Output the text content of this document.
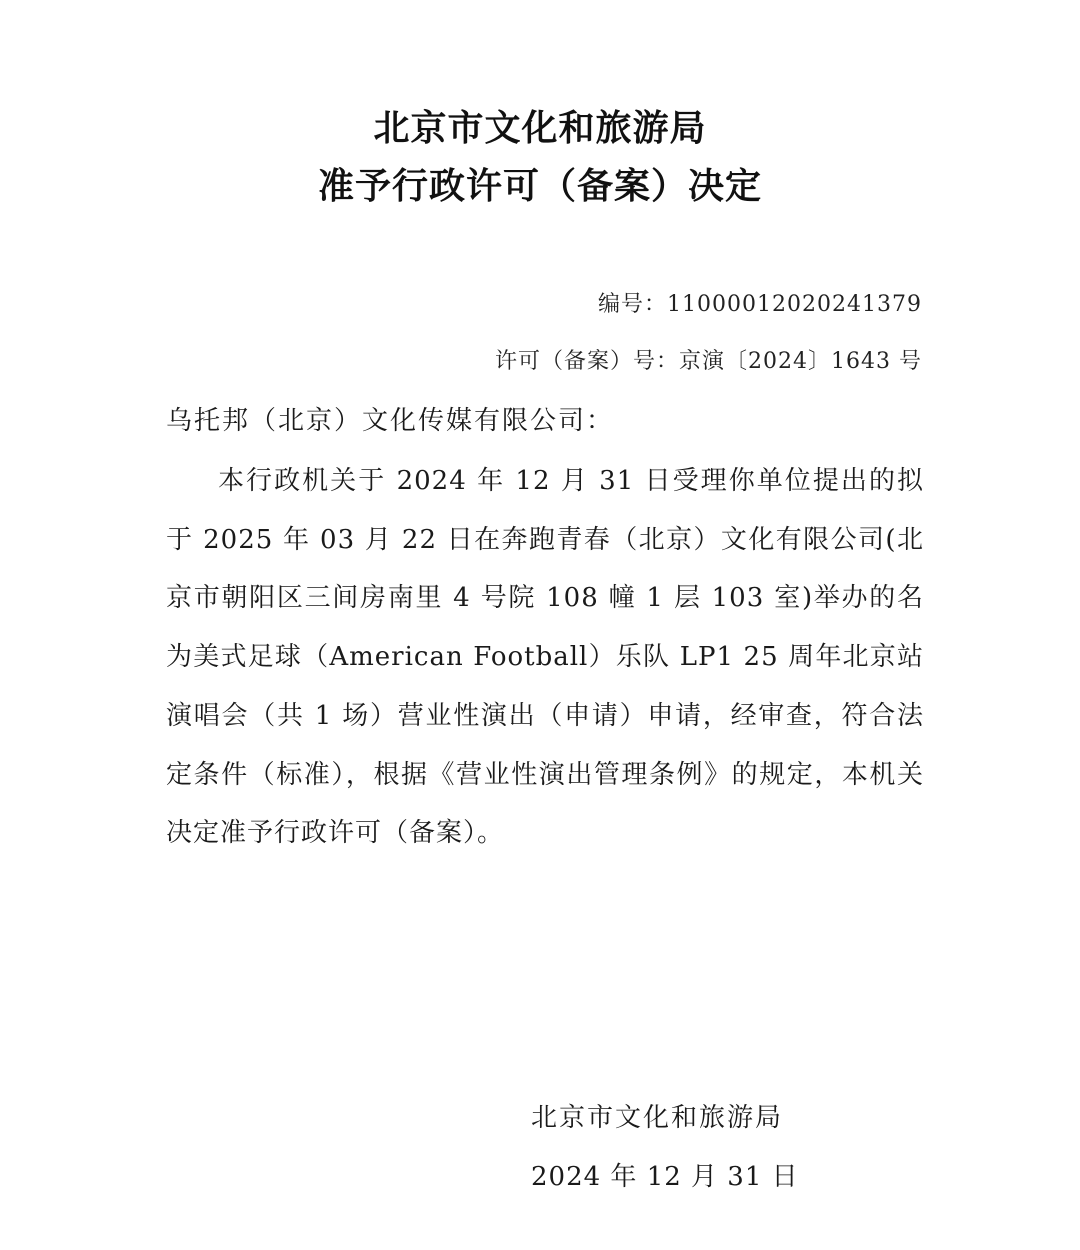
北京市文化和旅游局
准予行政许可（备案）决定
编号：11000012020241379
许可（备案）号：京演〔2024〕1643 号
乌托邦（北京）文化传媒有限公司：

本行政机关于 2024 年 12 月 31 日受理你单位提出的拟于 2025 年 03 月 22 日在奔跑青春（北京）文化有限公司(北京市朝阳区三间房南里 4 号院 108 幢 1 层 103 室)举办的名为美式足球（American Football）乐队 LP1 25 周年北京站演唱会（共 1 场）营业性演出（申请）申请，经审查，符合法定条件（标准），根据《营业性演出管理条例》的规定，本机关决定准予行政许可（备案）。

北京市文化和旅游局
2024 年 12 月 31 日
